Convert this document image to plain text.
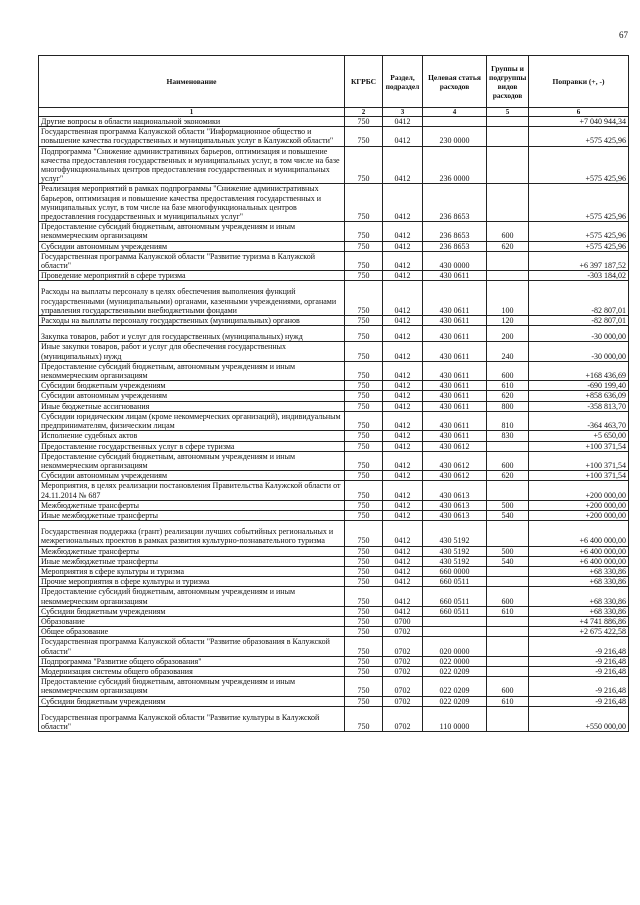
67
Наименование	КГРБС	Раздел, подраздел	Целевая статья расходов	Группы и подгруппы видов расходов	Поправки (+, -)
1	2	3	4	5	6
Другие вопросы в области национальной экономики	750	0412			+7 040 944,34
Государственная программа Калужской области "Информационное общество и повышение качества государственных и муниципальных услуг в Калужской области"	750	0412	230 0000		+575 425,96
Подпрограмма "Снижение административных барьеров, оптимизация и повышение качества предоставления государственных и муниципальных услуг, в том числе на базе многофункциональных центров предоставления государственных и муниципальных услуг"	750	0412	236 0000		+575 425,96
Реализация мероприятий в рамках подпрограммы "Снижение административных барьеров, оптимизация и повышение качества предоставления государственных и муниципальных услуг, в том числе на базе многофункциональных центров предоставления государственных и муниципальных услуг"	750	0412	236 8653		+575 425,96
Предоставление субсидий бюджетным, автономным учреждениям и иным некоммерческим организациям	750	0412	236 8653	600	+575 425,96
Субсидии автономным учреждениям	750	0412	236 8653	620	+575 425,96
Государственная программа Калужской области "Развитие туризма в Калужской области"	750	0412	430 0000		+6 397 187,52
Проведение мероприятий в сфере туризма	750	0412	430 0611		-303 184,02
Расходы на выплаты персоналу в целях обеспечения выполнения функций государственными (муниципальными) органами, казенными учреждениями, органами управления государственными внебюджетными фондами	750	0412	430 0611	100	-82 807,01
Расходы на выплаты персоналу государственных (муниципальных) органов	750	0412	430 0611	120	-82 807,01
Закупка товаров, работ и услуг для государственных (муниципальных) нужд	750	0412	430 0611	200	-30 000,00
Иные закупки товаров, работ и услуг для обеспечения государственных (муниципальных) нужд	750	0412	430 0611	240	-30 000,00
Предоставление субсидий бюджетным, автономным учреждениям и иным некоммерческим организациям	750	0412	430 0611	600	+168 436,69
Субсидии бюджетным учреждениям	750	0412	430 0611	610	-690 199,40
Субсидии автономным учреждениям	750	0412	430 0611	620	+858 636,09
Иные бюджетные ассигнования	750	0412	430 0611	800	-358 813,70
Субсидии юридическим лицам (кроме некоммерческих организаций), индивидуальным предпринимателям, физическим лицам	750	0412	430 0611	810	-364 463,70
Исполнение судебных актов	750	0412	430 0611	830	+5 650,00
Предоставление государственных услуг в сфере туризма	750	0412	430 0612		+100 371,54
Предоставление субсидий бюджетным, автономным учреждениям и иным некоммерческим организациям	750	0412	430 0612	600	+100 371,54
Субсидии автономным учреждениям	750	0412	430 0612	620	+100 371,54
Мероприятия, в целях реализации постановления Правительства Калужской области от 24.11.2014 № 687	750	0412	430 0613		+200 000,00
Межбюджетные трансферты	750	0412	430 0613	500	+200 000,00
Иные межбюджетные трансферты	750	0412	430 0613	540	+200 000,00
Государственная поддержка (грант) реализации лучших событийных региональных и межрегиональных проектов в рамках развития культурно-познавательного туризма	750	0412	430 5192		+6 400 000,00
Межбюджетные трансферты	750	0412	430 5192	500	+6 400 000,00
Иные межбюджетные трансферты	750	0412	430 5192	540	+6 400 000,00
Мероприятия в сфере культуры и туризма	750	0412	660 0000		+68 330,86
Прочие мероприятия в сфере культуры и туризма	750	0412	660 0511		+68 330,86
Предоставление субсидий бюджетным, автономным учреждениям и иным некоммерческим организациям	750	0412	660 0511	600	+68 330,86
Субсидии бюджетным учреждениям	750	0412	660 0511	610	+68 330,86
Образование	750	0700			+4 741 886,86
Общее образование	750	0702			+2 675 422,58
Государственная программа Калужской области "Развитие образования в Калужской области"	750	0702	020 0000		-9 216,48
Подпрограмма "Развитие общего образования"	750	0702	022 0000		-9 216,48
Модернизация системы общего образования	750	0702	022 0209		-9 216,48
Предоставление субсидий бюджетным, автономным учреждениям и иным некоммерческим организациям	750	0702	022 0209	600	-9 216,48
Субсидии бюджетным учреждениям	750	0702	022 0209	610	-9 216,48
Государственная программа Калужской области "Развитие культуры в Калужской области"	750	0702	110 0000		+550 000,00
